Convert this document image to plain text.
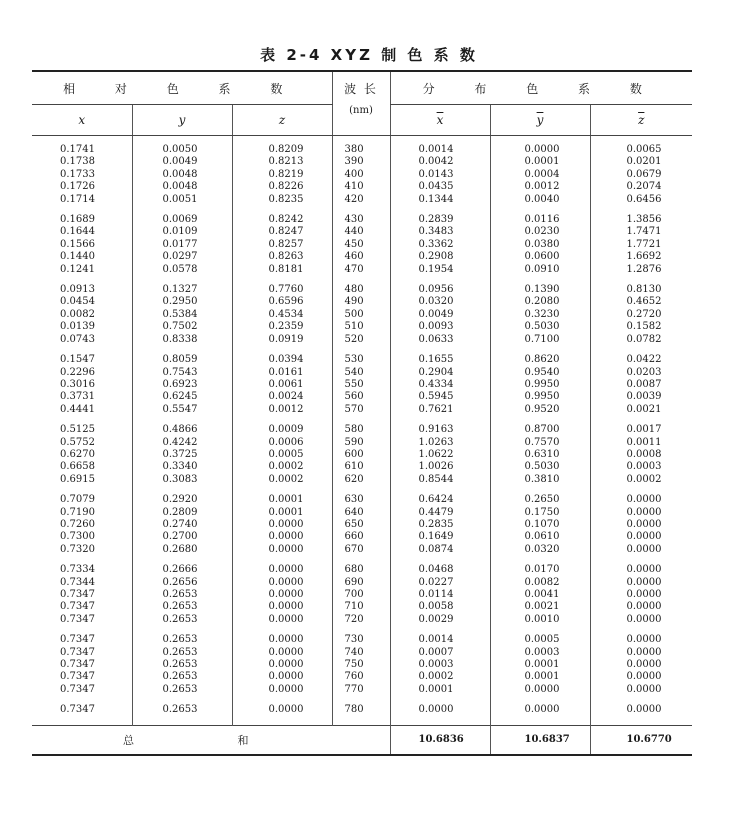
表 2-4 XYZ 制 色 系 数
相 对 色 系 数			波 长	分 布 色 系 数		
x	y	z	(nm)	$\overline{x}$	$\overline{y}$	$\overline{z}$

0.1741	0.0050	0.8209	380	0.0014	0.0000	0.0065
0.1738	0.0049	0.8213	390	0.0042	0.0001	0.0201
0.1733	0.0048	0.8219	400	0.0143	0.0004	0.0679
0.1726	0.0048	0.8226	410	0.0435	0.0012	0.2074
0.1714	0.0051	0.8235	420	0.1344	0.0040	0.6456

0.1689	0.0069	0.8242	430	0.2839	0.0116	1.3856
0.1644	0.0109	0.8247	440	0.3483	0.0230	1.7471
0.1566	0.0177	0.8257	450	0.3362	0.0380	1.7721
0.1440	0.0297	0.8263	460	0.2908	0.0600	1.6692
0.1241	0.0578	0.8181	470	0.1954	0.0910	1.2876

0.0913	0.1327	0.7760	480	0.0956	0.1390	0.8130
0.0454	0.2950	0.6596	490	0.0320	0.2080	0.4652
0.0082	0.5384	0.4534	500	0.0049	0.3230	0.2720
0.0139	0.7502	0.2359	510	0.0093	0.5030	0.1582
0.0743	0.8338	0.0919	520	0.0633	0.7100	0.0782

0.1547	0.8059	0.0394	530	0.1655	0.8620	0.0422
0.2296	0.7543	0.0161	540	0.2904	0.9540	0.0203
0.3016	0.6923	0.0061	550	0.4334	0.9950	0.0087
0.3731	0.6245	0.0024	560	0.5945	0.9950	0.0039
0.4441	0.5547	0.0012	570	0.7621	0.9520	0.0021

0.5125	0.4866	0.0009	580	0.9163	0.8700	0.0017
0.5752	0.4242	0.0006	590	1.0263	0.7570	0.0011
0.6270	0.3725	0.0005	600	1.0622	0.6310	0.0008
0.6658	0.3340	0.0002	610	1.0026	0.5030	0.0003
0.6915	0.3083	0.0002	620	0.8544	0.3810	0.0002

0.7079	0.2920	0.0001	630	0.6424	0.2650	0.0000
0.7190	0.2809	0.0001	640	0.4479	0.1750	0.0000
0.7260	0.2740	0.0000	650	0.2835	0.1070	0.0000
0.7300	0.2700	0.0000	660	0.1649	0.0610	0.0000
0.7320	0.2680	0.0000	670	0.0874	0.0320	0.0000

0.7334	0.2666	0.0000	680	0.0468	0.0170	0.0000
0.7344	0.2656	0.0000	690	0.0227	0.0082	0.0000
0.7347	0.2653	0.0000	700	0.0114	0.0041	0.0000
0.7347	0.2653	0.0000	710	0.0058	0.0021	0.0000
0.7347	0.2653	0.0000	720	0.0029	0.0010	0.0000

0.7347	0.2653	0.0000	730	0.0014	0.0005	0.0000
0.7347	0.2653	0.0000	740	0.0007	0.0003	0.0000
0.7347	0.2653	0.0000	750	0.0003	0.0001	0.0000
0.7347	0.2653	0.0000	760	0.0002	0.0001	0.0000
0.7347	0.2653	0.0000	770	0.0001	0.0000	0.0000

0.7347	0.2653	0.0000	780	0.0000	0.0000	0.0000

总 和				10.6836	10.6837	10.6770
